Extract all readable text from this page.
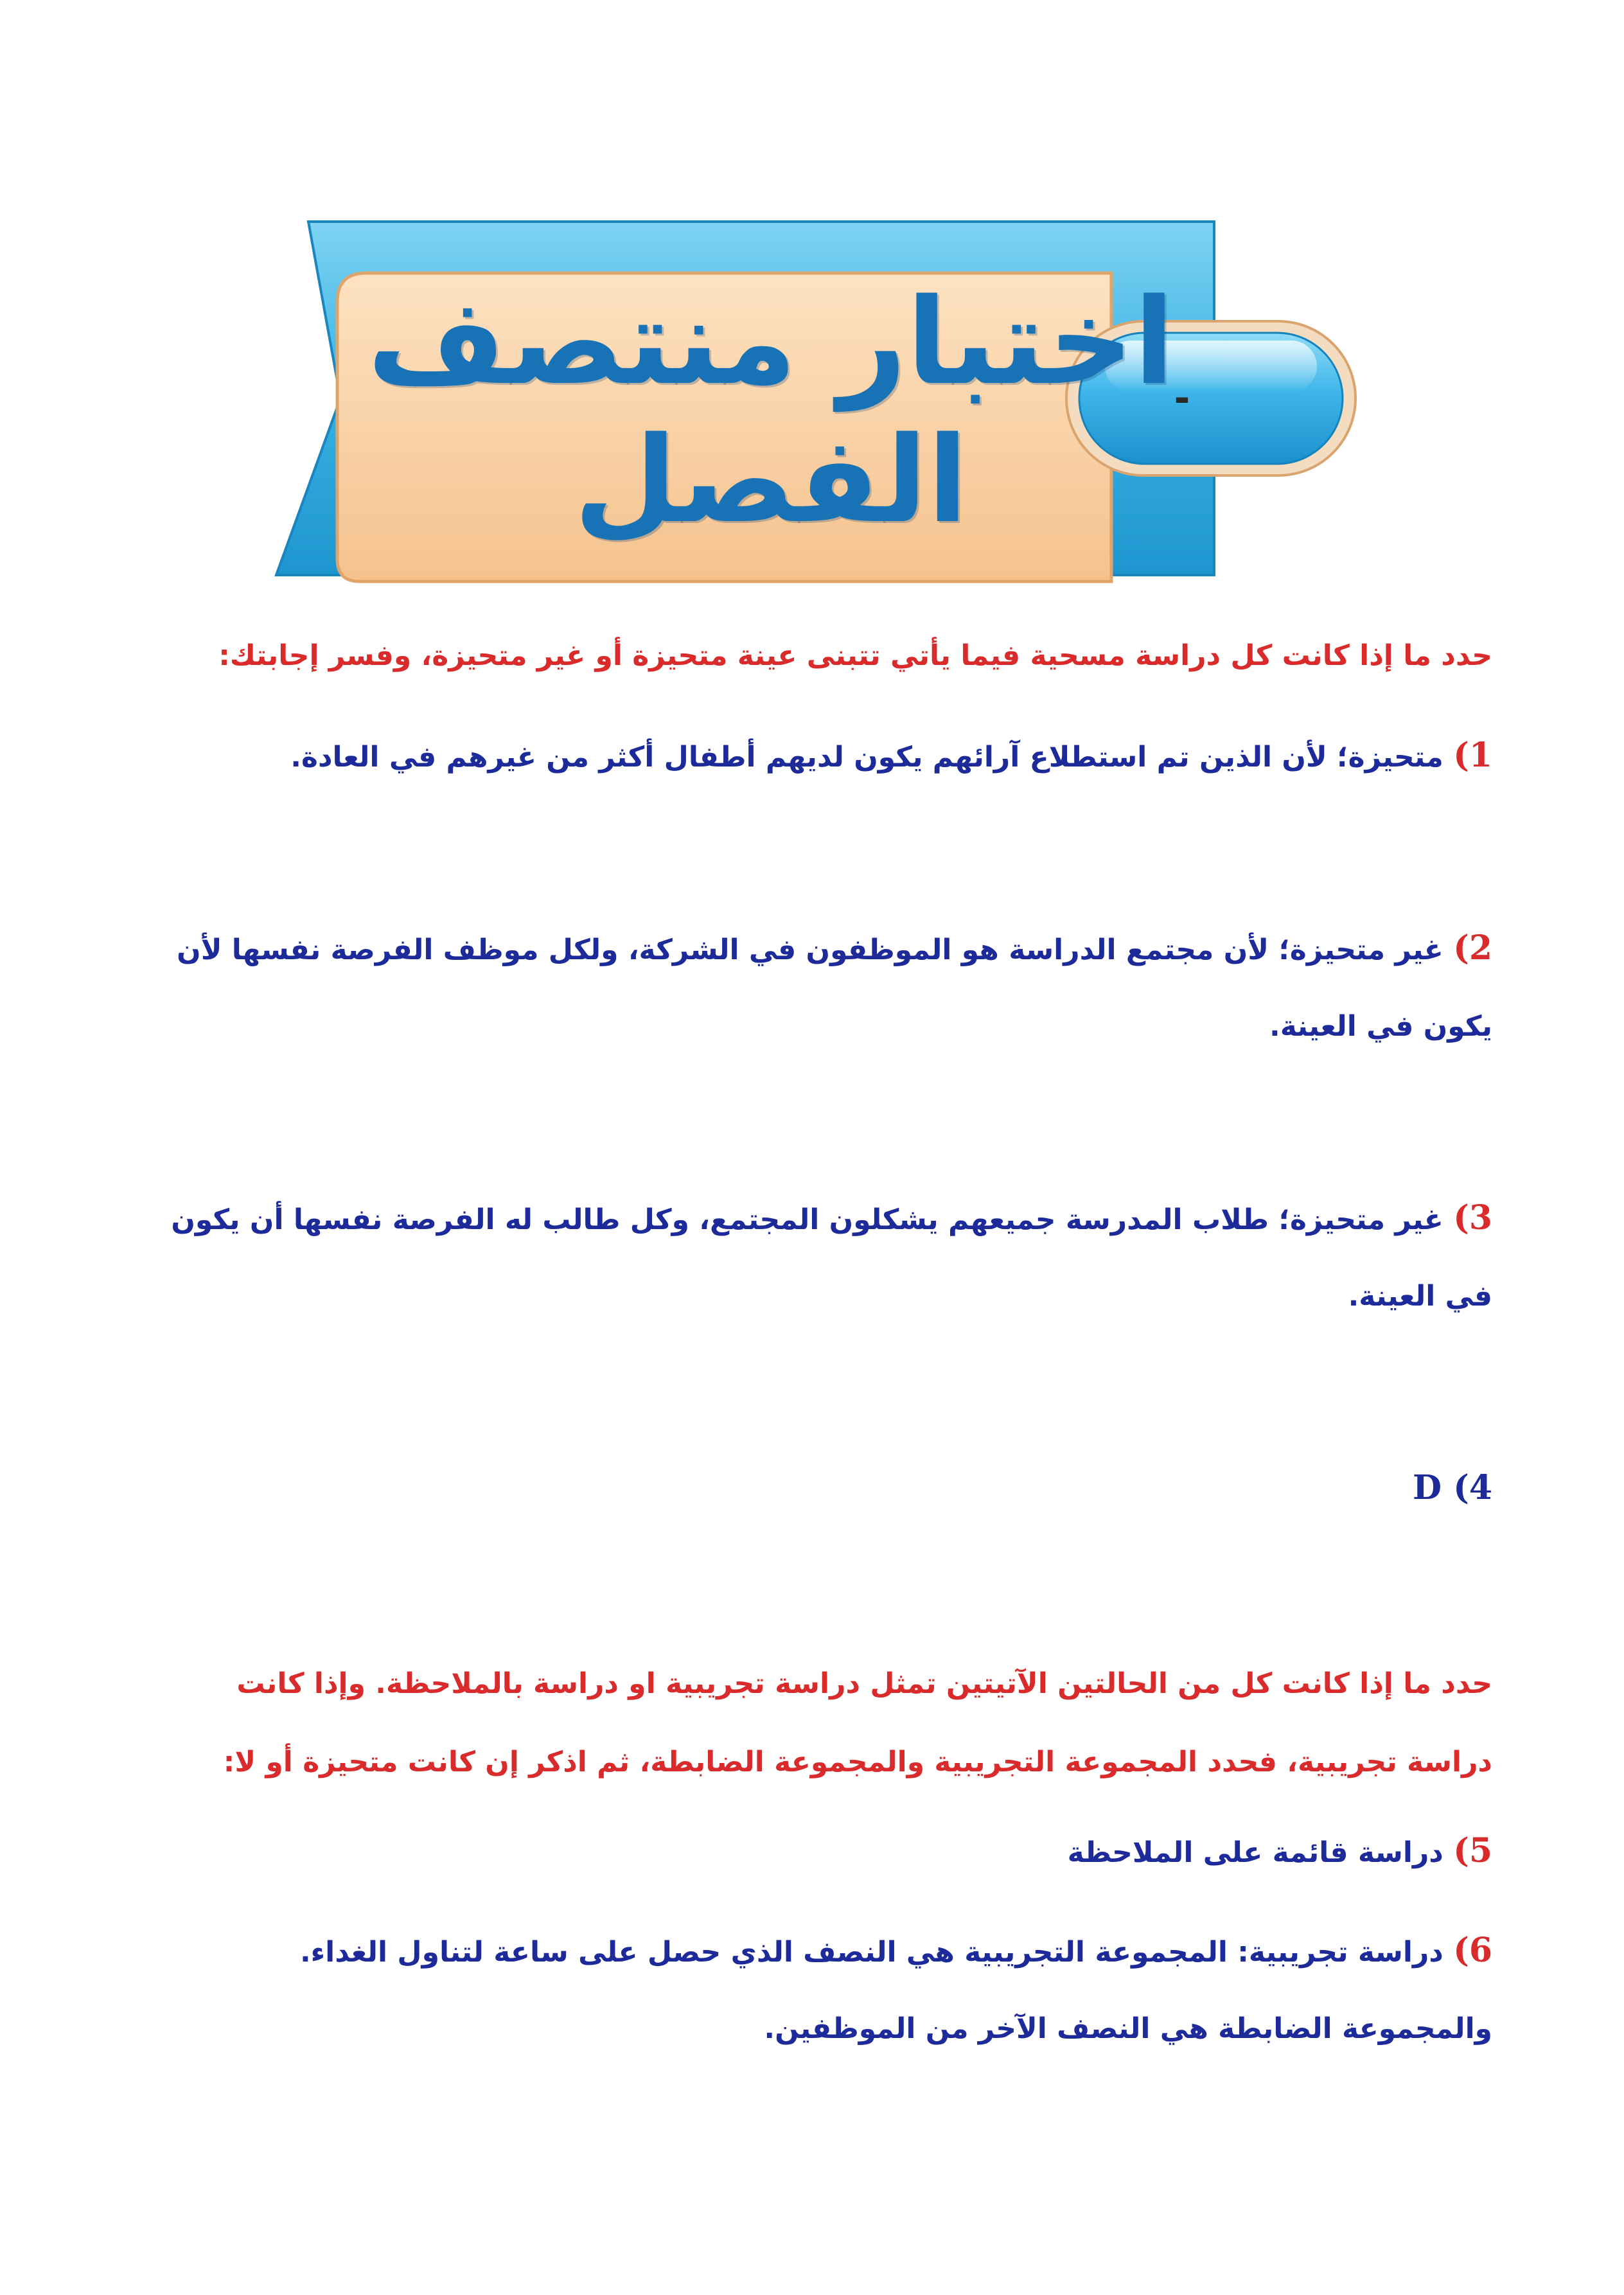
اختبار منتصف
الفصل
-
حدد ما إذا كانت كل دراسة مسحية فيما يأتي تتبنى عينة متحيزة أو غير متحيزة، وفسر إجابتك:
1) متحيزة؛ لأن الذين تم استطلاع آرائهم يكون لديهم أطفال أكثر من غيرهم في العادة.
2) غير متحيزة؛ لأن مجتمع الدراسة هو الموظفون في الشركة، ولكل موظف الفرصة نفسها لأن
يكون في العينة.
3) غير متحيزة؛ طلاب المدرسة جميعهم يشكلون المجتمع، وكل طالب له الفرصة نفسها أن يكون
في العينة.
D (4
حدد ما إذا كانت كل من الحالتين الآتيتين تمثل دراسة تجريبية او دراسة بالملاحظة. وإذا كانت
دراسة تجريبية، فحدد المجموعة التجريبية والمجموعة الضابطة، ثم اذكر إن كانت متحيزة أو لا:
5) دراسة قائمة على الملاحظة
6) دراسة تجريبية: المجموعة التجريبية هي النصف الذي حصل على ساعة لتناول الغداء.
والمجموعة الضابطة هي النصف الآخر من الموظفين.
